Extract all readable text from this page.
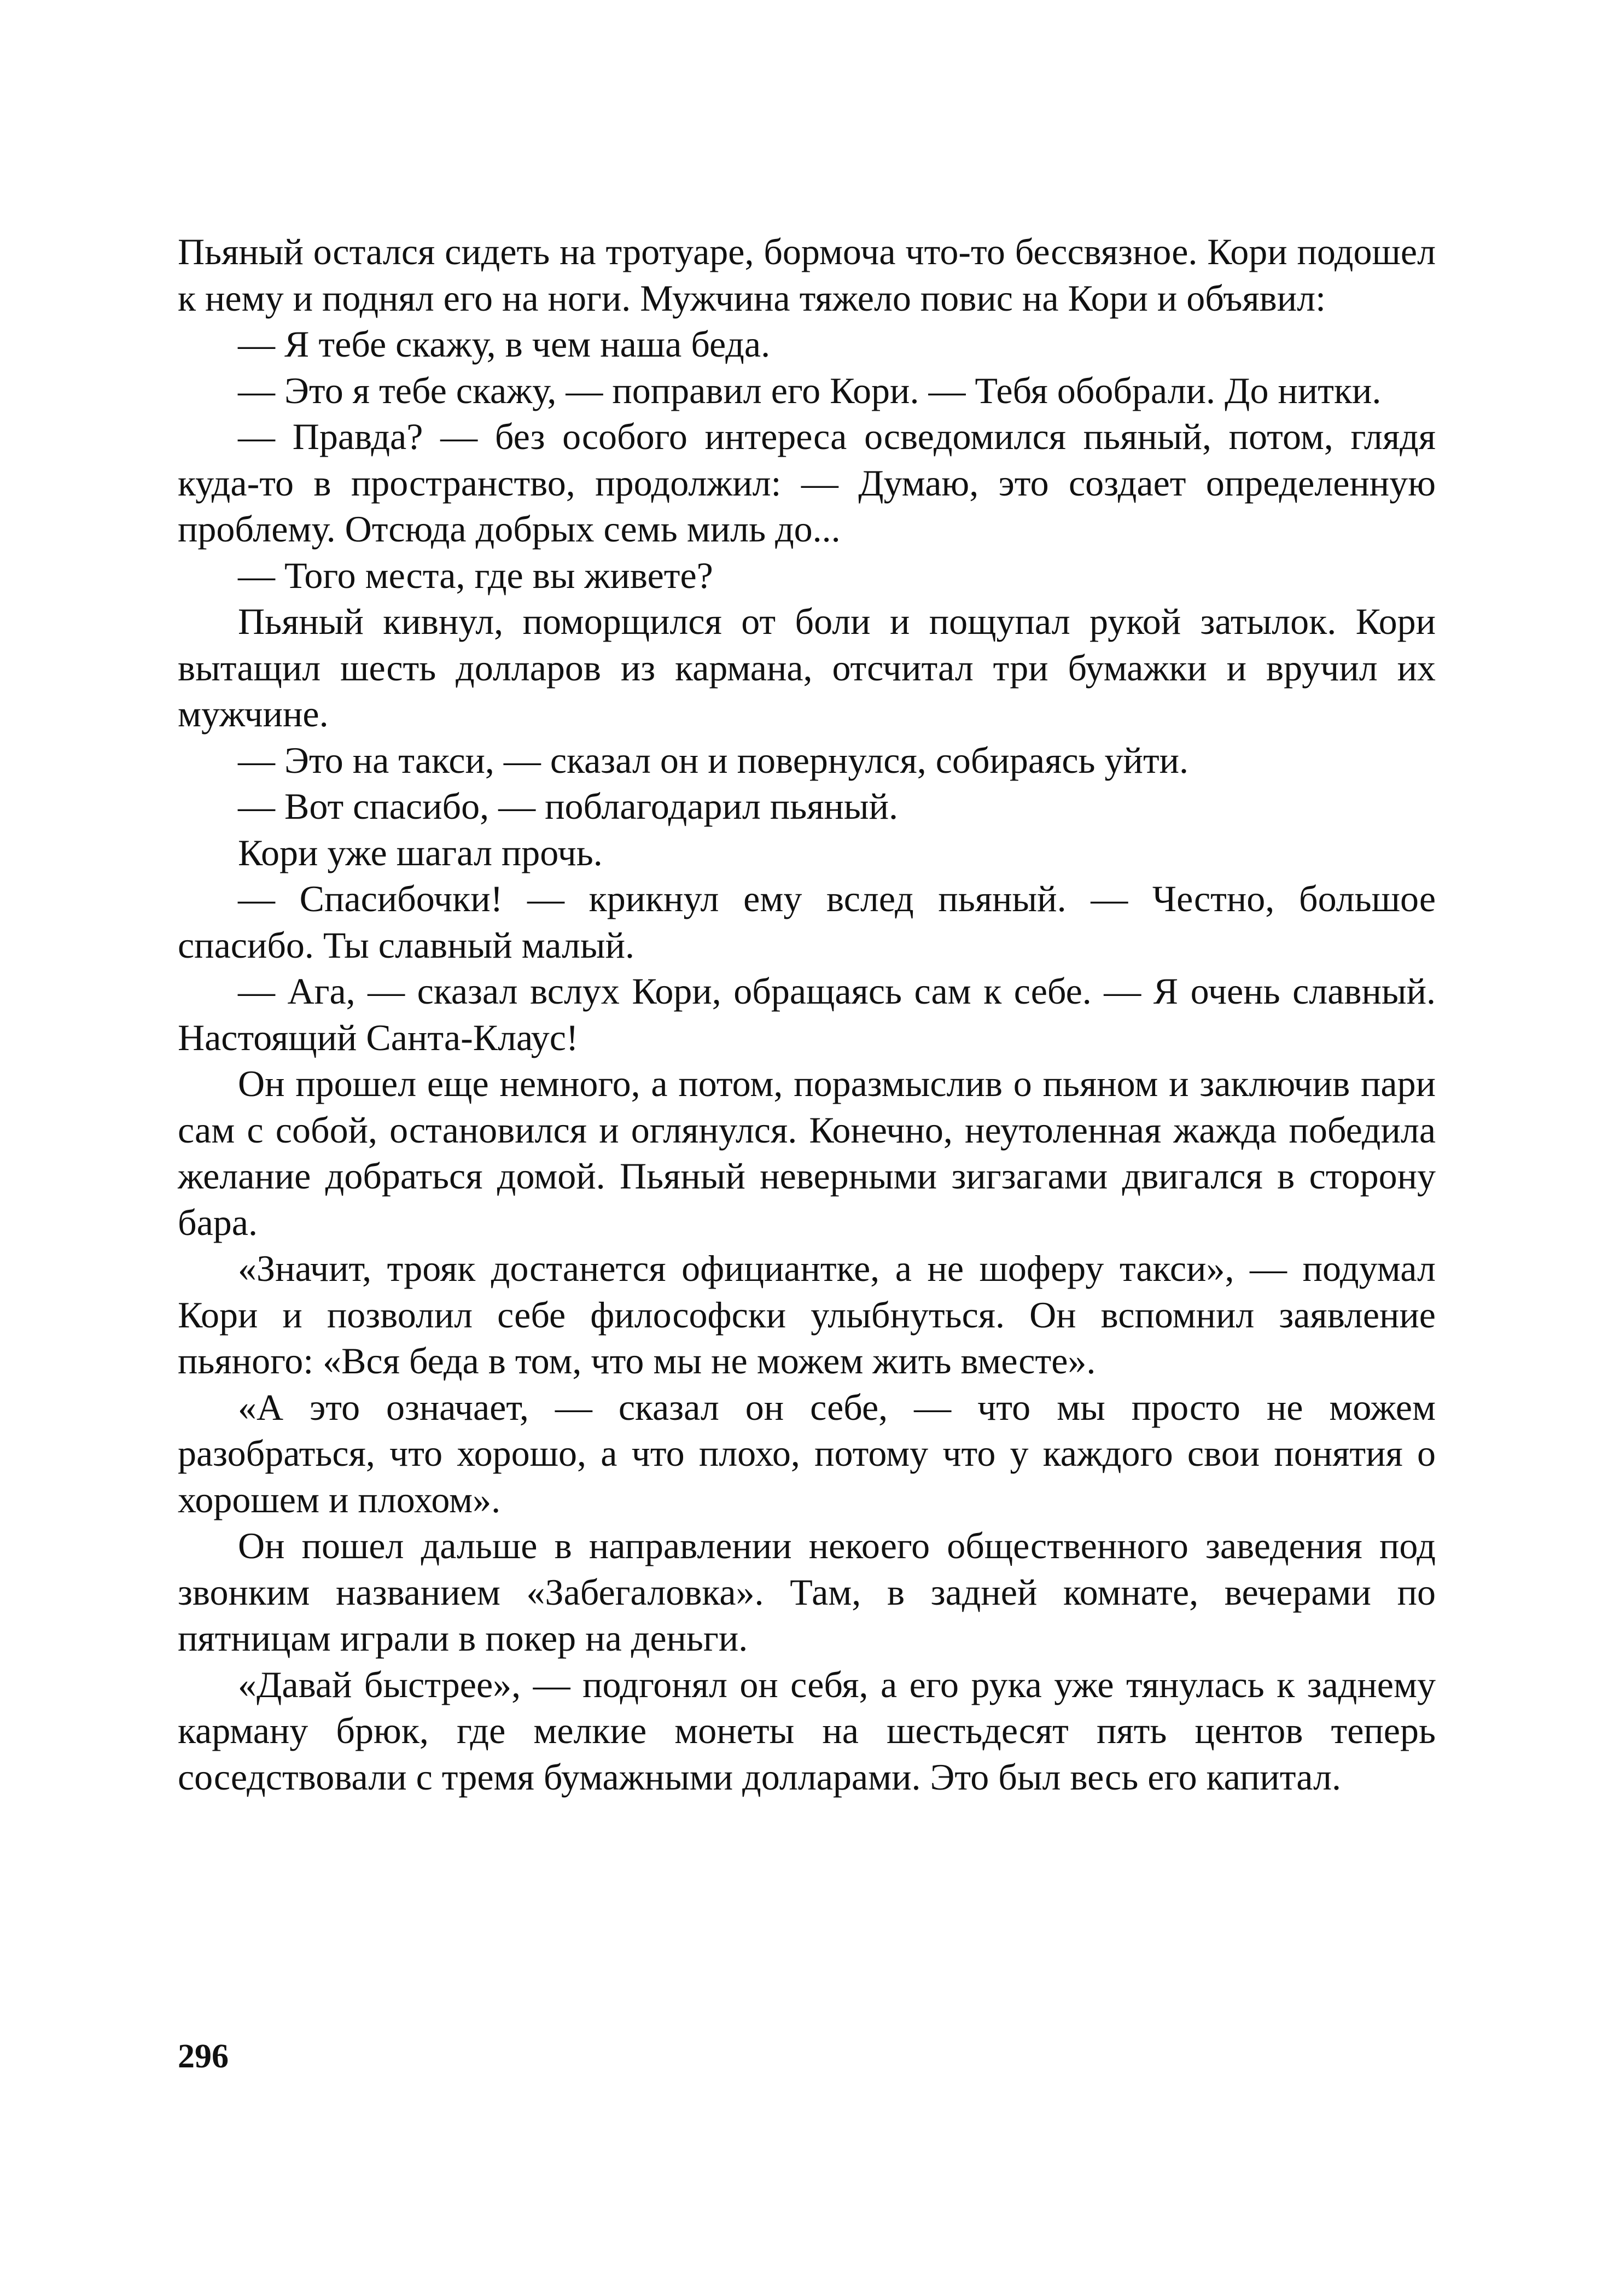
Пьяный остался сидеть на тротуаре, бормоча что-то бессвязное. Кори подошел к нему и поднял его на ноги. Мужчина тяжело повис на Кори и объявил:

— Я тебе скажу, в чем наша беда.

— Это я тебе скажу, — поправил его Кори. — Тебя обобрали. До нитки.

— Правда? — без особого интереса осведомился пьяный, потом, глядя куда-то в пространство, продолжил: — Думаю, это создает определенную проблему. Отсюда добрых семь миль до...

— Того места, где вы живете?

Пьяный кивнул, поморщился от боли и пощупал рукой затылок. Кори вытащил шесть долларов из кармана, отсчитал три бумажки и вручил их мужчине.

— Это на такси, — сказал он и повернулся, собираясь уйти.

— Вот спасибо, — поблагодарил пьяный.

Кори уже шагал прочь.

— Спасибочки! — крикнул ему вслед пьяный. — Честно, большое спасибо. Ты славный малый.

— Ага, — сказал вслух Кори, обращаясь сам к себе. — Я очень славный. Настоящий Санта-Клаус!

Он прошел еще немного, а потом, поразмыслив о пьяном и заключив пари сам с собой, остановился и оглянулся. Конечно, неутоленная жажда победила желание добраться домой. Пьяный неверными зигзагами двигался в сторону бара.

«Значит, трояк достанется официантке, а не шоферу такси», — подумал Кори и позволил себе философски улыбнуться. Он вспомнил заявление пьяного: «Вся беда в том, что мы не можем жить вместе».

«А это означает, — сказал он себе, — что мы просто не можем разобраться, что хорошо, а что плохо, потому что у каждого свои понятия о хорошем и плохом».

Он пошел дальше в направлении некоего общественного заведения под звонким названием «Забегаловка». Там, в задней комнате, вечерами по пятницам играли в покер на деньги.

«Давай быстрее», — подгонял он себя, а его рука уже тянулась к заднему карману брюк, где мелкие монеты на шестьдесят пять центов теперь соседствовали с тремя бумажными долларами. Это был весь его капитал.

296
